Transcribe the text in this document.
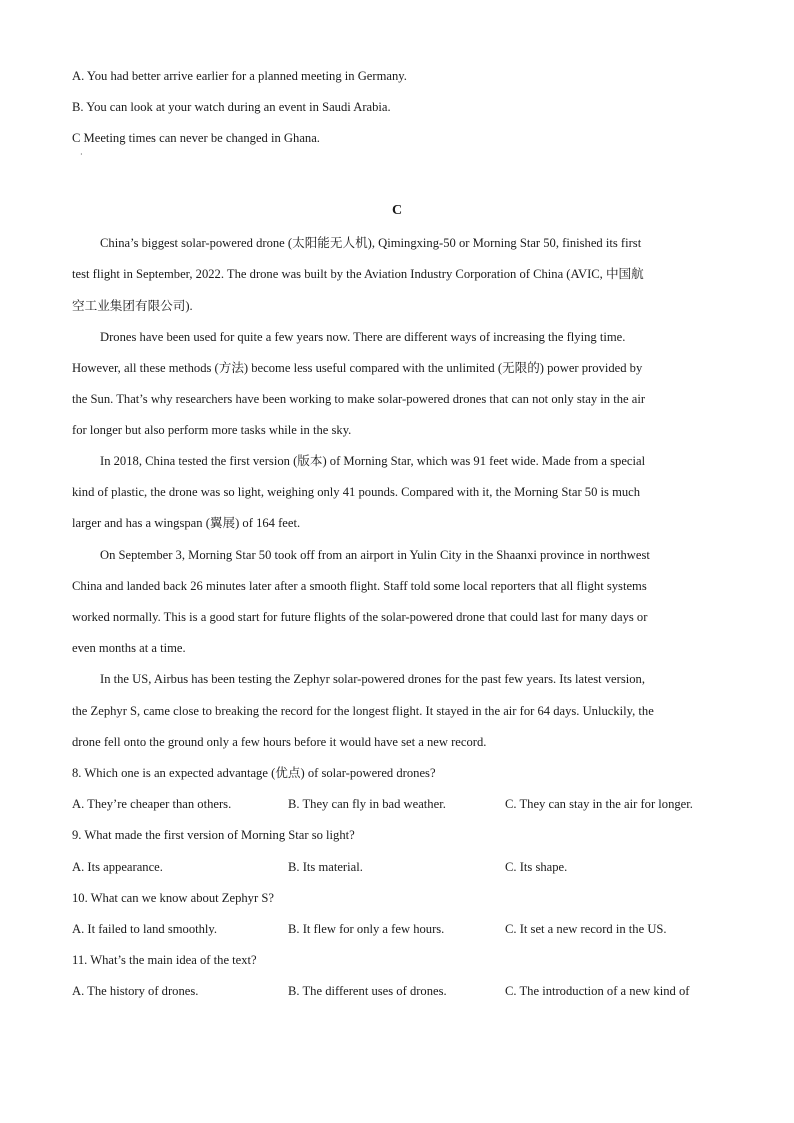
A. You had better arrive earlier for a planned meeting in Germany.
B. You can look at your watch during an event in Saudi Arabia.
C Meeting times can never be changed in Ghana.
·
C
China’s biggest solar-powered drone (太阳能无人机), Qimingxing-50 or Morning Star 50, finished its first
test flight in September, 2022. The drone was built by the Aviation Industry Corporation of China (AVIC, 中国航
空工业集团有限公司).
Drones have been used for quite a few years now. There are different ways of increasing the flying time.
However, all these methods (方法) become less useful compared with the unlimited (无限的) power provided by
the Sun. That’s why researchers have been working to make solar-powered drones that can not only stay in the air
for longer but also perform more tasks while in the sky.
In 2018, China tested the first version (版本) of Morning Star, which was 91 feet wide. Made from a special
kind of plastic, the drone was so light, weighing only 41 pounds. Compared with it, the Morning Star 50 is much
larger and has a wingspan (翼展) of 164 feet.
On September 3, Morning Star 50 took off from an airport in Yulin City in the Shaanxi province in northwest
China and landed back 26 minutes later after a smooth flight. Staff told some local reporters that all flight systems
worked normally. This is a good start for future flights of the solar-powered drone that could last for many days or
even months at a time.
In the US, Airbus has been testing the Zephyr solar-powered drones for the past few years. Its latest version,
the Zephyr S, came close to breaking the record for the longest flight. It stayed in the air for 64 days. Unluckily, the
drone fell onto the ground only a few hours before it would have set a new record.
8. Which one is an expected advantage (优点) of solar-powered drones?
A. They’re cheaper than others.	B. They can fly in bad weather.	C. They can stay in the air for longer.
9. What made the first version of Morning Star so light?
A. Its appearance.	B. Its material.	C. Its shape.
10. What can we know about Zephyr S?
A. It failed to land smoothly.	B. It flew for only a few hours.	C. It set a new record in the US.
11. What’s the main idea of the text?
A. The history of drones.	B. The different uses of drones.	C. The introduction of a new kind of
